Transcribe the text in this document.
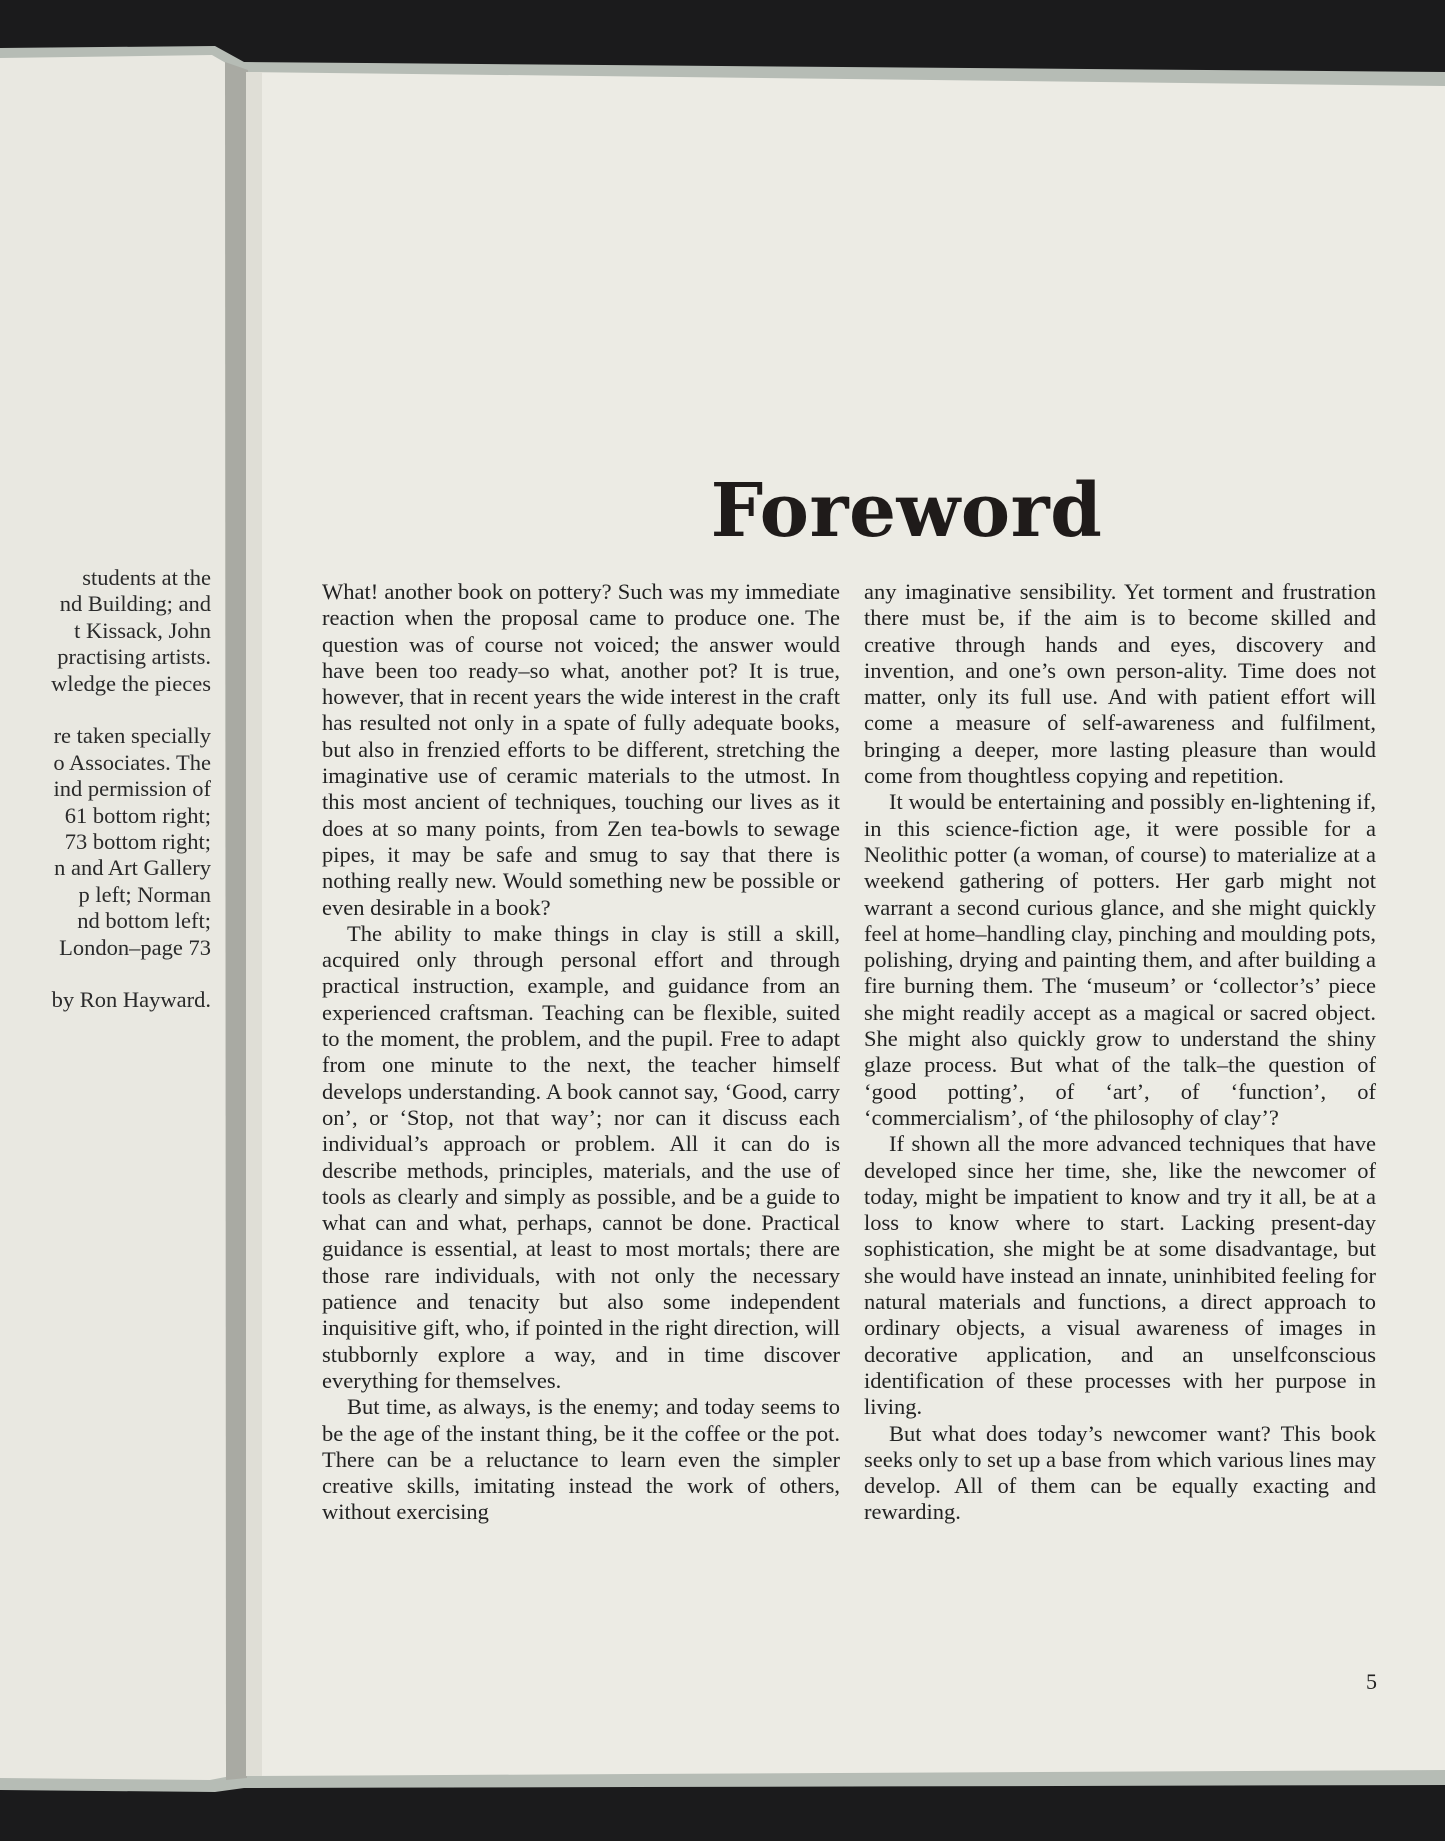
students at the
nd Building; and
t Kissack, John
practising artists.
wledge the pieces
re taken specially
o Associates. The
ind permission of
61 bottom right;
73 bottom right;
n and Art Gallery
p left; Norman
nd bottom left;
London–page 73
by Ron Hayward.
Foreword

What! another book on pottery? Such was my immediate reaction when the proposal came to produce one. The question was of course not voiced; the answer would have been too ready–so what, another pot? It is true, however, that in recent years the wide interest in the craft has resulted not only in a spate of fully adequate books, but also in frenzied efforts to be different, stretching the imaginative use of ceramic materials to the utmost. In this most ancient of techniques, touching our lives as it does at so many points, from Zen tea-bowls to sewage pipes, it may be safe and smug to say that there is nothing really new. Would something new be possible or even desirable in a book?

The ability to make things in clay is still a skill, acquired only through personal effort and through practical instruction, example, and guidance from an experienced craftsman. Teaching can be flexible, suited to the moment, the problem, and the pupil. Free to adapt from one minute to the next, the teacher himself develops understanding. A book cannot say, ‘Good, carry on’, or ‘Stop, not that way’; nor can it discuss each individual’s approach or problem. All it can do is describe methods, principles, materials, and the use of tools as clearly and simply as possible, and be a guide to what can and what, perhaps, cannot be done. Practical guidance is essential, at least to most mortals; there are those rare individuals, with not only the necessary patience and tenacity but also some independent inquisitive gift, who, if pointed in the right direction, will stubbornly explore a way, and in time discover everything for themselves.

But time, as always, is the enemy; and today seems to be the age of the instant thing, be it the coffee or the pot. There can be a reluctance to learn even the simpler creative skills, imitating instead the work of others, without exercising

any imaginative sensibility. Yet torment and frustration there must be, if the aim is to become skilled and creative through hands and eyes, discovery and invention, and one’s own person-ality. Time does not matter, only its full use. And with patient effort will come a measure of self-awareness and fulfilment, bringing a deeper, more lasting pleasure than would come from thoughtless copying and repetition.

It would be entertaining and possibly en-lightening if, in this science-fiction age, it were possible for a Neolithic potter (a woman, of course) to materialize at a weekend gathering of potters. Her garb might not warrant a second curious glance, and she might quickly feel at home–handling clay, pinching and moulding pots, polishing, drying and painting them, and after building a fire burning them. The ‘museum’ or ‘collector’s’ piece she might readily accept as a magical or sacred object. She might also quickly grow to understand the shiny glaze process. But what of the talk–the question of ‘good potting’, of ‘art’, of ‘function’, of ‘commercialism’, of ‘the philosophy of clay’?

If shown all the more advanced techniques that have developed since her time, she, like the newcomer of today, might be impatient to know and try it all, be at a loss to know where to start. Lacking present-day sophistication, she might be at some disadvantage, but she would have instead an innate, uninhibited feeling for natural materials and functions, a direct approach to ordinary objects, a visual awareness of images in decorative application, and an unselfconscious identification of these processes with her purpose in living.

But what does today’s newcomer want? This book seeks only to set up a base from which various lines may develop. All of them can be equally exacting and rewarding.

5
